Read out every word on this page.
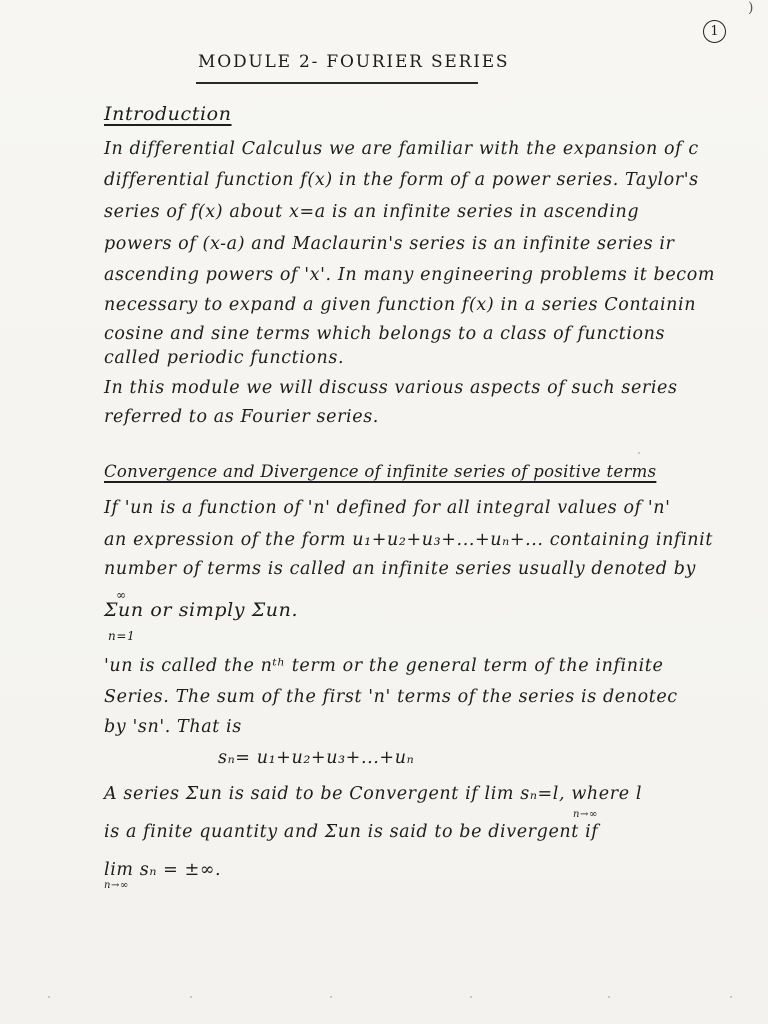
1
)
MODULE 2- FOURIER SERIES
Introduction
In differential Calculus we are familiar with the expansion of c
differential function f(x) in the form of a power series. Taylor's
series of f(x) about x=a is an infinite series in ascending
powers of (x-a) and Maclaurin's series is an infinite series ir
ascending powers of 'x'. In many engineering problems it becom
necessary to expand a given function f(x) in a series Containin
cosine and sine terms which belongs to a class of functions
called periodic functions.
In this module we will discuss various aspects of such series
referred to as Fourier series.
Convergence and Divergence of infinite series of positive terms
If 'un is a function of 'n' defined for all integral values of 'n'
an expression of the form u₁+u₂+u₃+...+uₙ+... containing infinit
number of terms is called an infinite series usually denoted by
∞
Σun or simply Σun.
n=1
'un is called the nᵗʰ term or the general term of the infinite
Series. The sum of the first 'n' terms of the series is denotec
by 'sn'. That is
sₙ= u₁+u₂+u₃+...+uₙ
A series Σun is said to be Convergent if lim sₙ=l, where l
n→∞
is a finite quantity and Σun is said to be divergent if
lim sₙ = ±∞.
n→∞
